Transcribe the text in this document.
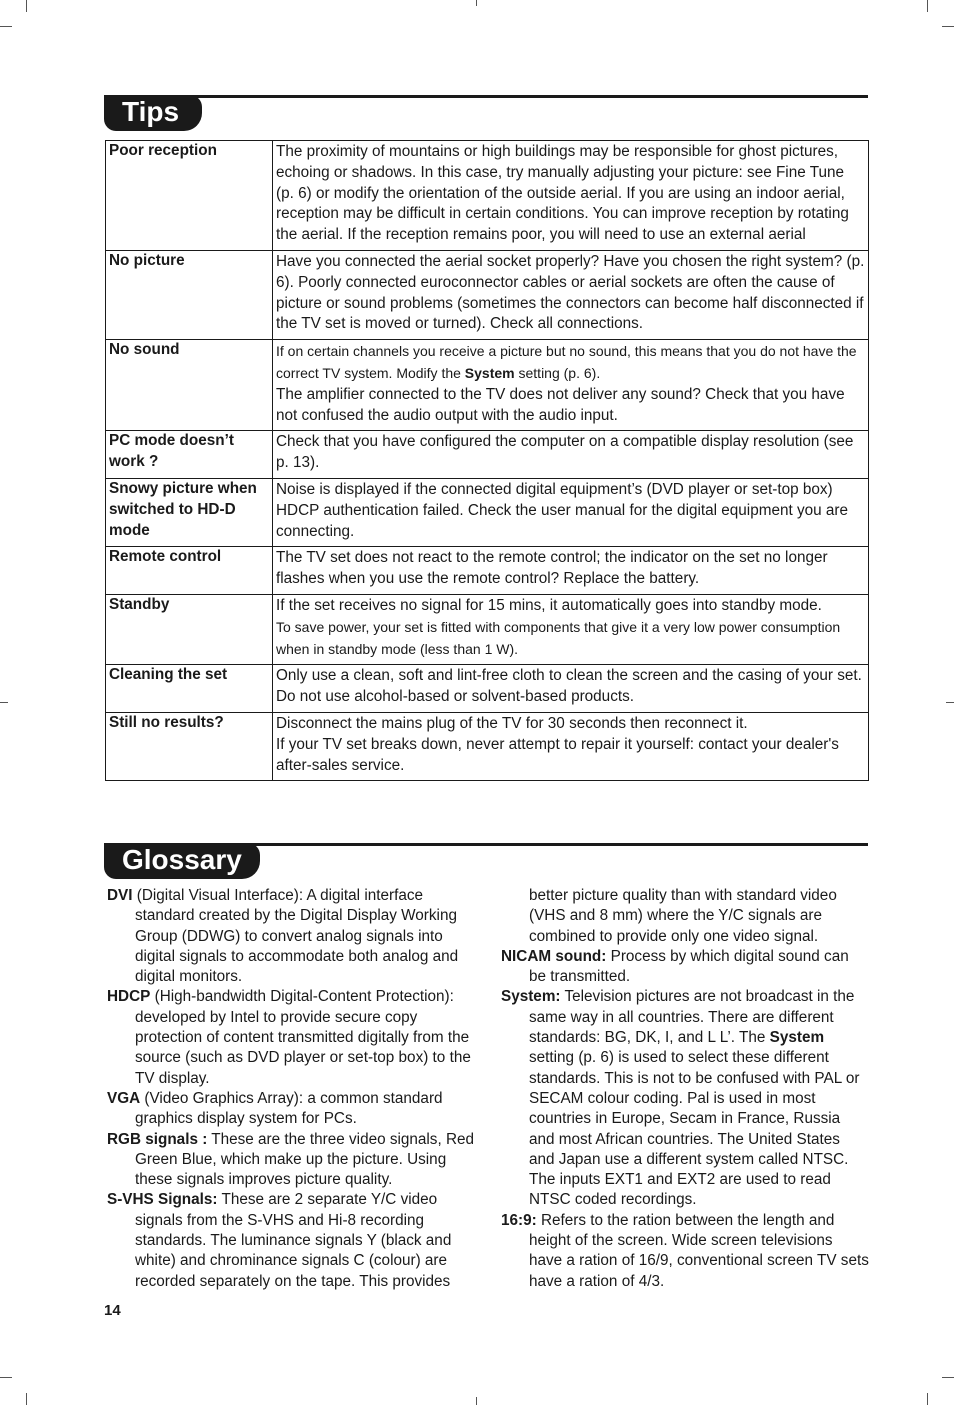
Tips
Poor reception	The proximity of mountains or high buildings may be responsible for ghost pictures, echoing or shadows. In this case, try manually adjusting your picture: see Fine Tune (p. 6) or modify the orientation of the outside aerial. If you are using an indoor aerial, reception may be difficult in certain conditions. You can improve reception by rotating the aerial. If the reception remains poor, you will need to use an external aerial
No picture	Have you connected the aerial socket properly? Have you chosen the right system? (p. 6). Poorly connected euroconnector cables or aerial sockets are often the cause of picture or sound problems (sometimes the connectors can become half disconnected if the TV set is moved or turned). Check all connections.
No sound	If on certain channels you receive a picture but no sound, this means that you do not have the correct TV system. Modify the System setting (p. 6).
The amplifier connected to the TV does not deliver any sound? Check that you have not confused the audio output with the audio input.
PC mode doesn’t work ?	Check that you have configured the computer on a compatible display resolution (see p. 13).
Snowy picture when switched to HD-D mode	Noise is displayed if the connected digital equipment’s (DVD player or set-top box) HDCP authentication failed. Check the user manual for the digital equipment you are connecting.
Remote control	The TV set does not react to the remote control; the indicator on the set no longer flashes when you use the remote control? Replace the battery.
Standby	If the set receives no signal for 15 mins, it automatically goes into standby mode.
To save power, your set is fitted with components that give it a very low power consumption when in standby mode (less than 1 W).
Cleaning the set	Only use a clean, soft and lint-free cloth to clean the screen and the casing of your set. Do not use alcohol-based or solvent-based products.
Still no results?	Disconnect the mains plug of the TV for 30 seconds then reconnect it.
If your TV set breaks down, never attempt to repair it yourself: contact your dealer's after-sales service.
Glossary

DVI (Digital Visual Interface): A digital interface standard created by the Digital Display Working Group (DDWG) to convert analog signals into digital signals to accommodate both analog and digital monitors.

HDCP (High-bandwidth Digital-Content Protection): developed by Intel to provide secure copy protection of content transmitted digitally from the source (such as DVD player or set-top box) to the TV display.

VGA (Video Graphics Array): a common standard graphics display system for PCs.

RGB signals : These are the three video signals, Red Green Blue, which make up the picture. Using these signals improves picture quality.

S-VHS Signals: These are 2 separate Y/C video signals from the S-VHS and Hi-8 recording standards. The luminance signals Y (black and white) and chrominance signals C (colour) are recorded separately on the tape. This provides

better picture quality than with standard video (VHS and 8 mm) where the Y/C signals are combined to provide only one video signal.

NICAM sound: Process by which digital sound can be transmitted.

System: Television pictures are not broadcast in the same way in all countries. There are different standards: BG, DK, I, and L L’. The System setting (p. 6) is used to select these different standards. This is not to be confused with PAL or SECAM colour coding. Pal is used in most countries in Europe, Secam in France, Russia and most African countries. The United States and Japan use a different system called NTSC. The inputs EXT1 and EXT2 are used to read NTSC coded recordings.

16:9: Refers to the ration between the length and height of the screen. Wide screen televisions have a ration of 16/9, conventional screen TV sets have a ration of 4/3.

14
